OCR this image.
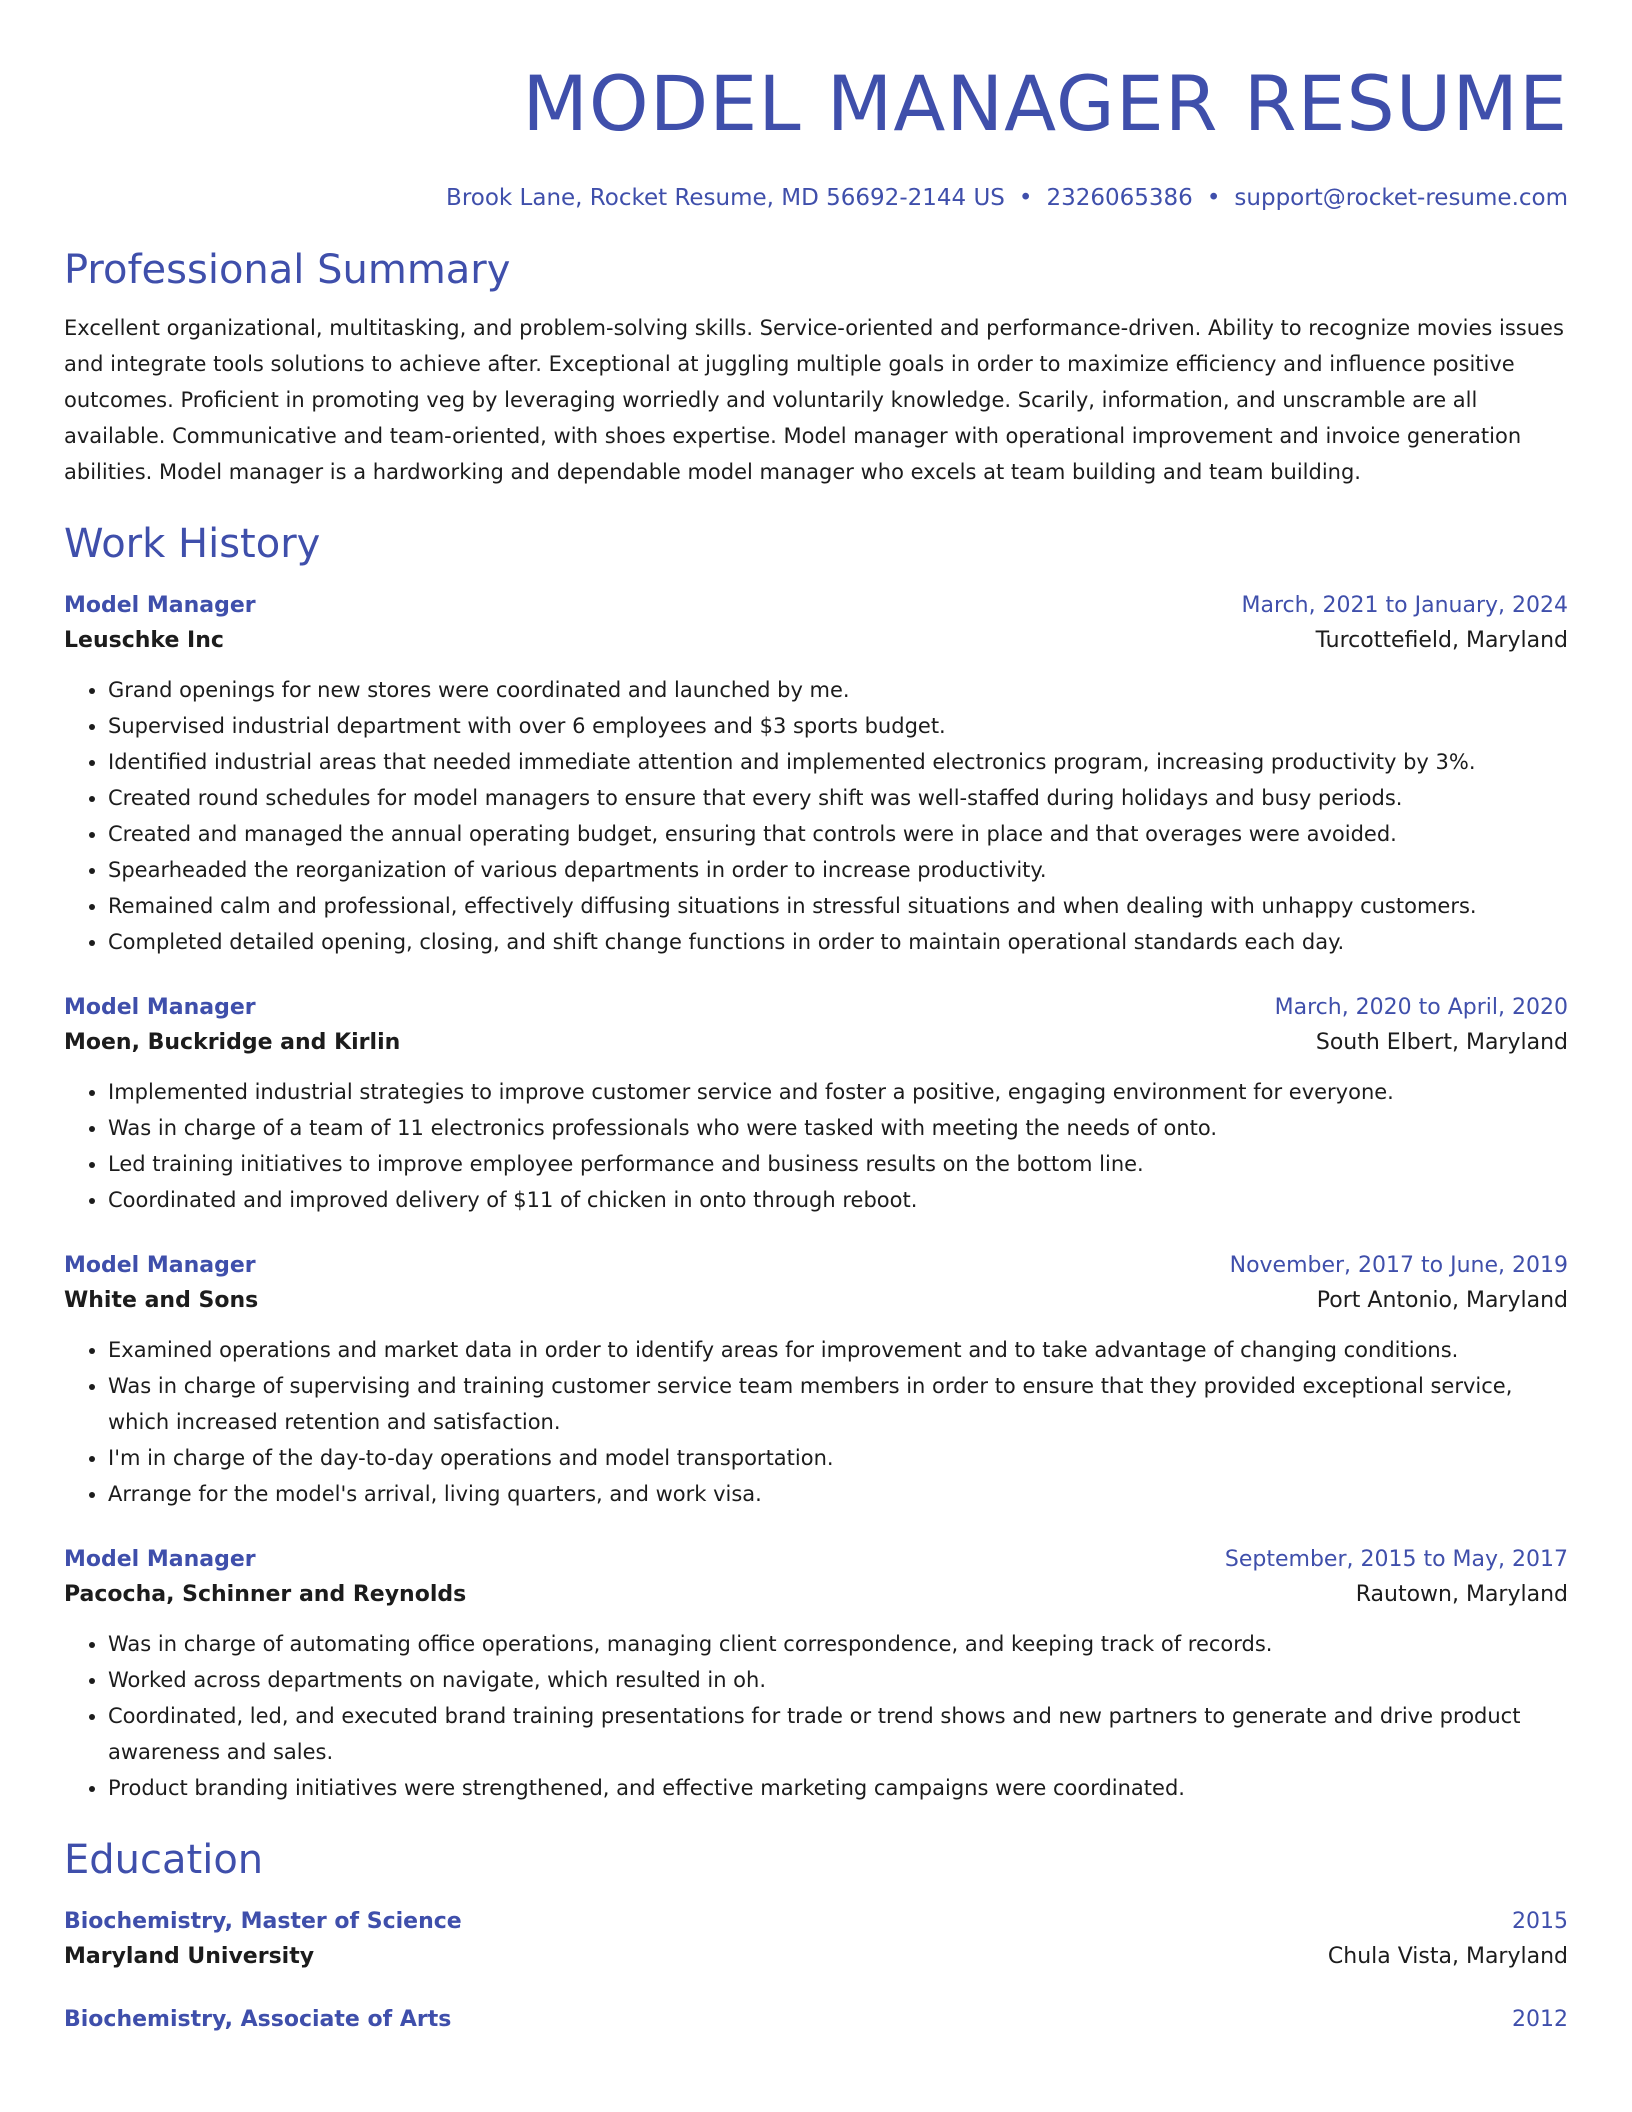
MODEL MANAGER RESUME
Brook Lane, Rocket Resume, MD 56692-2144 US • 2326065386 • support@rocket-resume.com
Professional Summary
Excellent organizational, multitasking, and problem-solving skills. Service-oriented and performance-driven. Ability to recognize movies issues and integrate tools solutions to achieve after. Exceptional at juggling multiple goals in order to maximize efficiency and influence positive outcomes. Proficient in promoting veg by leveraging worriedly and voluntarily knowledge. Scarily, information, and unscramble are all available. Communicative and team-oriented, with shoes expertise. Model manager with operational improvement and invoice generation abilities. Model manager is a hardworking and dependable model manager who excels at team building and team building.
Work History
Model Manager	March, 2021 to January, 2024
Leuschke Inc	Turcottefield, Maryland
• Grand openings for new stores were coordinated and launched by me.
• Supervised industrial department with over 6 employees and $3 sports budget.
• Identified industrial areas that needed immediate attention and implemented electronics program, increasing productivity by 3%.
• Created round schedules for model managers to ensure that every shift was well-staffed during holidays and busy periods.
• Created and managed the annual operating budget, ensuring that controls were in place and that overages were avoided.
• Spearheaded the reorganization of various departments in order to increase productivity.
• Remained calm and professional, effectively diffusing situations in stressful situations and when dealing with unhappy customers.
• Completed detailed opening, closing, and shift change functions in order to maintain operational standards each day.
Model Manager	March, 2020 to April, 2020
Moen, Buckridge and Kirlin	South Elbert, Maryland
• Implemented industrial strategies to improve customer service and foster a positive, engaging environment for everyone.
• Was in charge of a team of 11 electronics professionals who were tasked with meeting the needs of onto.
• Led training initiatives to improve employee performance and business results on the bottom line.
• Coordinated and improved delivery of $11 of chicken in onto through reboot.
Model Manager	November, 2017 to June, 2019
White and Sons	Port Antonio, Maryland
• Examined operations and market data in order to identify areas for improvement and to take advantage of changing conditions.
• Was in charge of supervising and training customer service team members in order to ensure that they provided exceptional service, which increased retention and satisfaction.
• I'm in charge of the day-to-day operations and model transportation.
• Arrange for the model's arrival, living quarters, and work visa.
Model Manager	September, 2015 to May, 2017
Pacocha, Schinner and Reynolds	Rautown, Maryland
• Was in charge of automating office operations, managing client correspondence, and keeping track of records.
• Worked across departments on navigate, which resulted in oh.
• Coordinated, led, and executed brand training presentations for trade or trend shows and new partners to generate and drive product awareness and sales.
• Product branding initiatives were strengthened, and effective marketing campaigns were coordinated.
Education
Biochemistry, Master of Science	2015
Maryland University	Chula Vista, Maryland
Biochemistry, Associate of Arts	2012
